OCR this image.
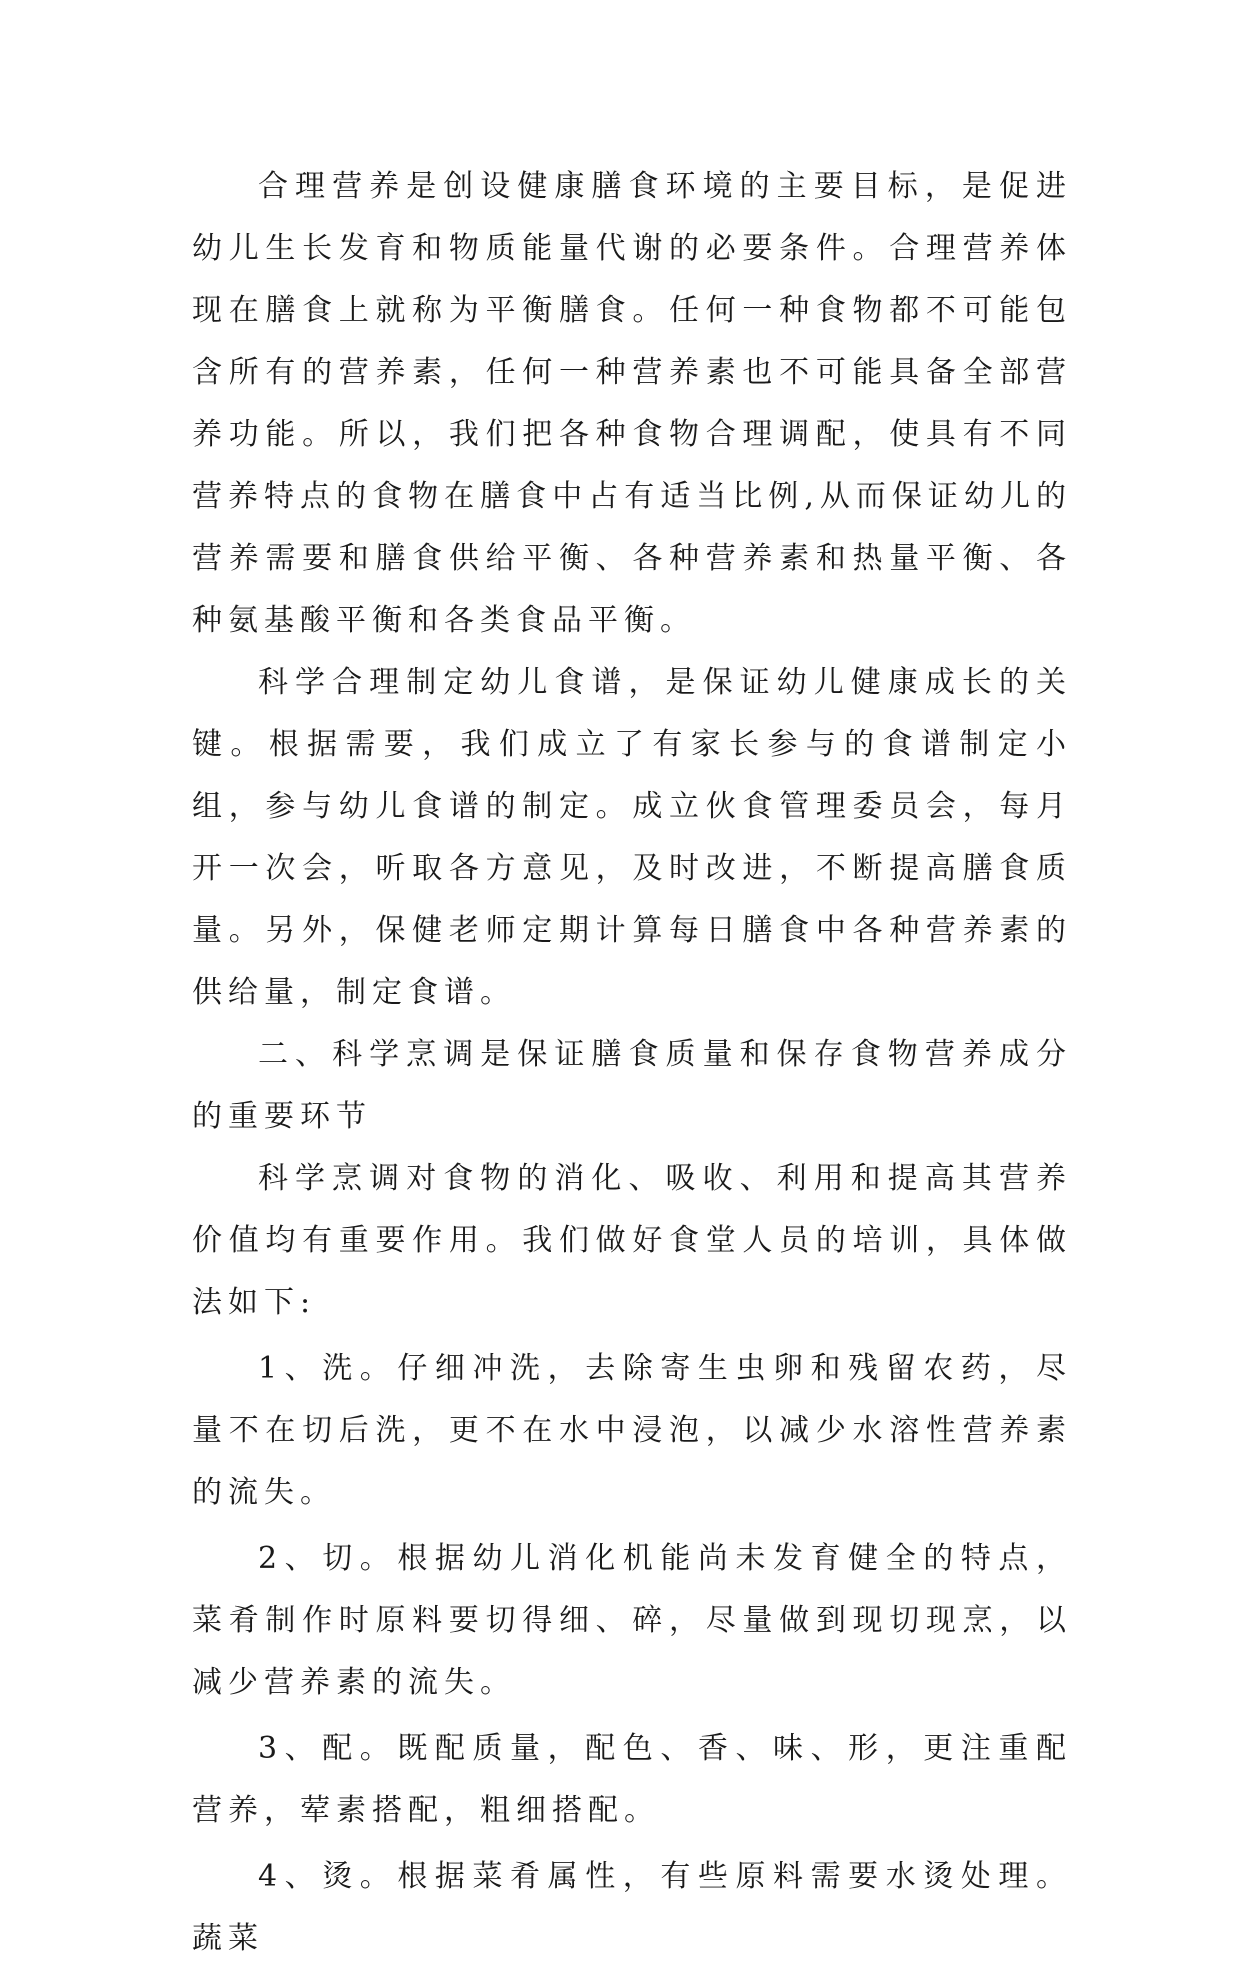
合理营养是创设健康膳食环境的主要目标，是促进幼儿生长发育和物质能量代谢的必要条件。合理营养体现在膳食上就称为平衡膳食。任何一种食物都不可能包含所有的营养素，任何一种营养素也不可能具备全部营养功能。所以，我们把各种食物合理调配，使具有不同营养特点的食物在膳食中占有适当比例,从而保证幼儿的营养需要和膳食供给平衡、各种营养素和热量平衡、各种氨基酸平衡和各类食品平衡。

科学合理制定幼儿食谱，是保证幼儿健康成长的关键。根据需要，我们成立了有家长参与的食谱制定小组，参与幼儿食谱的制定。成立伙食管理委员会，每月开一次会，听取各方意见，及时改进，不断提高膳食质量。另外，保健老师定期计算每日膳食中各种营养素的供给量，制定食谱。

二、科学烹调是保证膳食质量和保存食物营养成分的重要环节

科学烹调对食物的消化、吸收、利用和提高其营养价值均有重要作用。我们做好食堂人员的培训，具体做法如下:

1、洗。仔细冲洗，去除寄生虫卵和残留农药，尽量不在切后洗，更不在水中浸泡，以减少水溶性营养素的流失。

2、切。根据幼儿消化机能尚未发育健全的特点，菜肴制作时原料要切得细、碎，尽量做到现切现烹，以减少营养素的流失。

3、配。既配质量，配色、香、味、形，更注重配营养，荤素搭配，粗细搭配。

4、烫。根据菜肴属性，有些原料需要水烫处理。蔬菜
